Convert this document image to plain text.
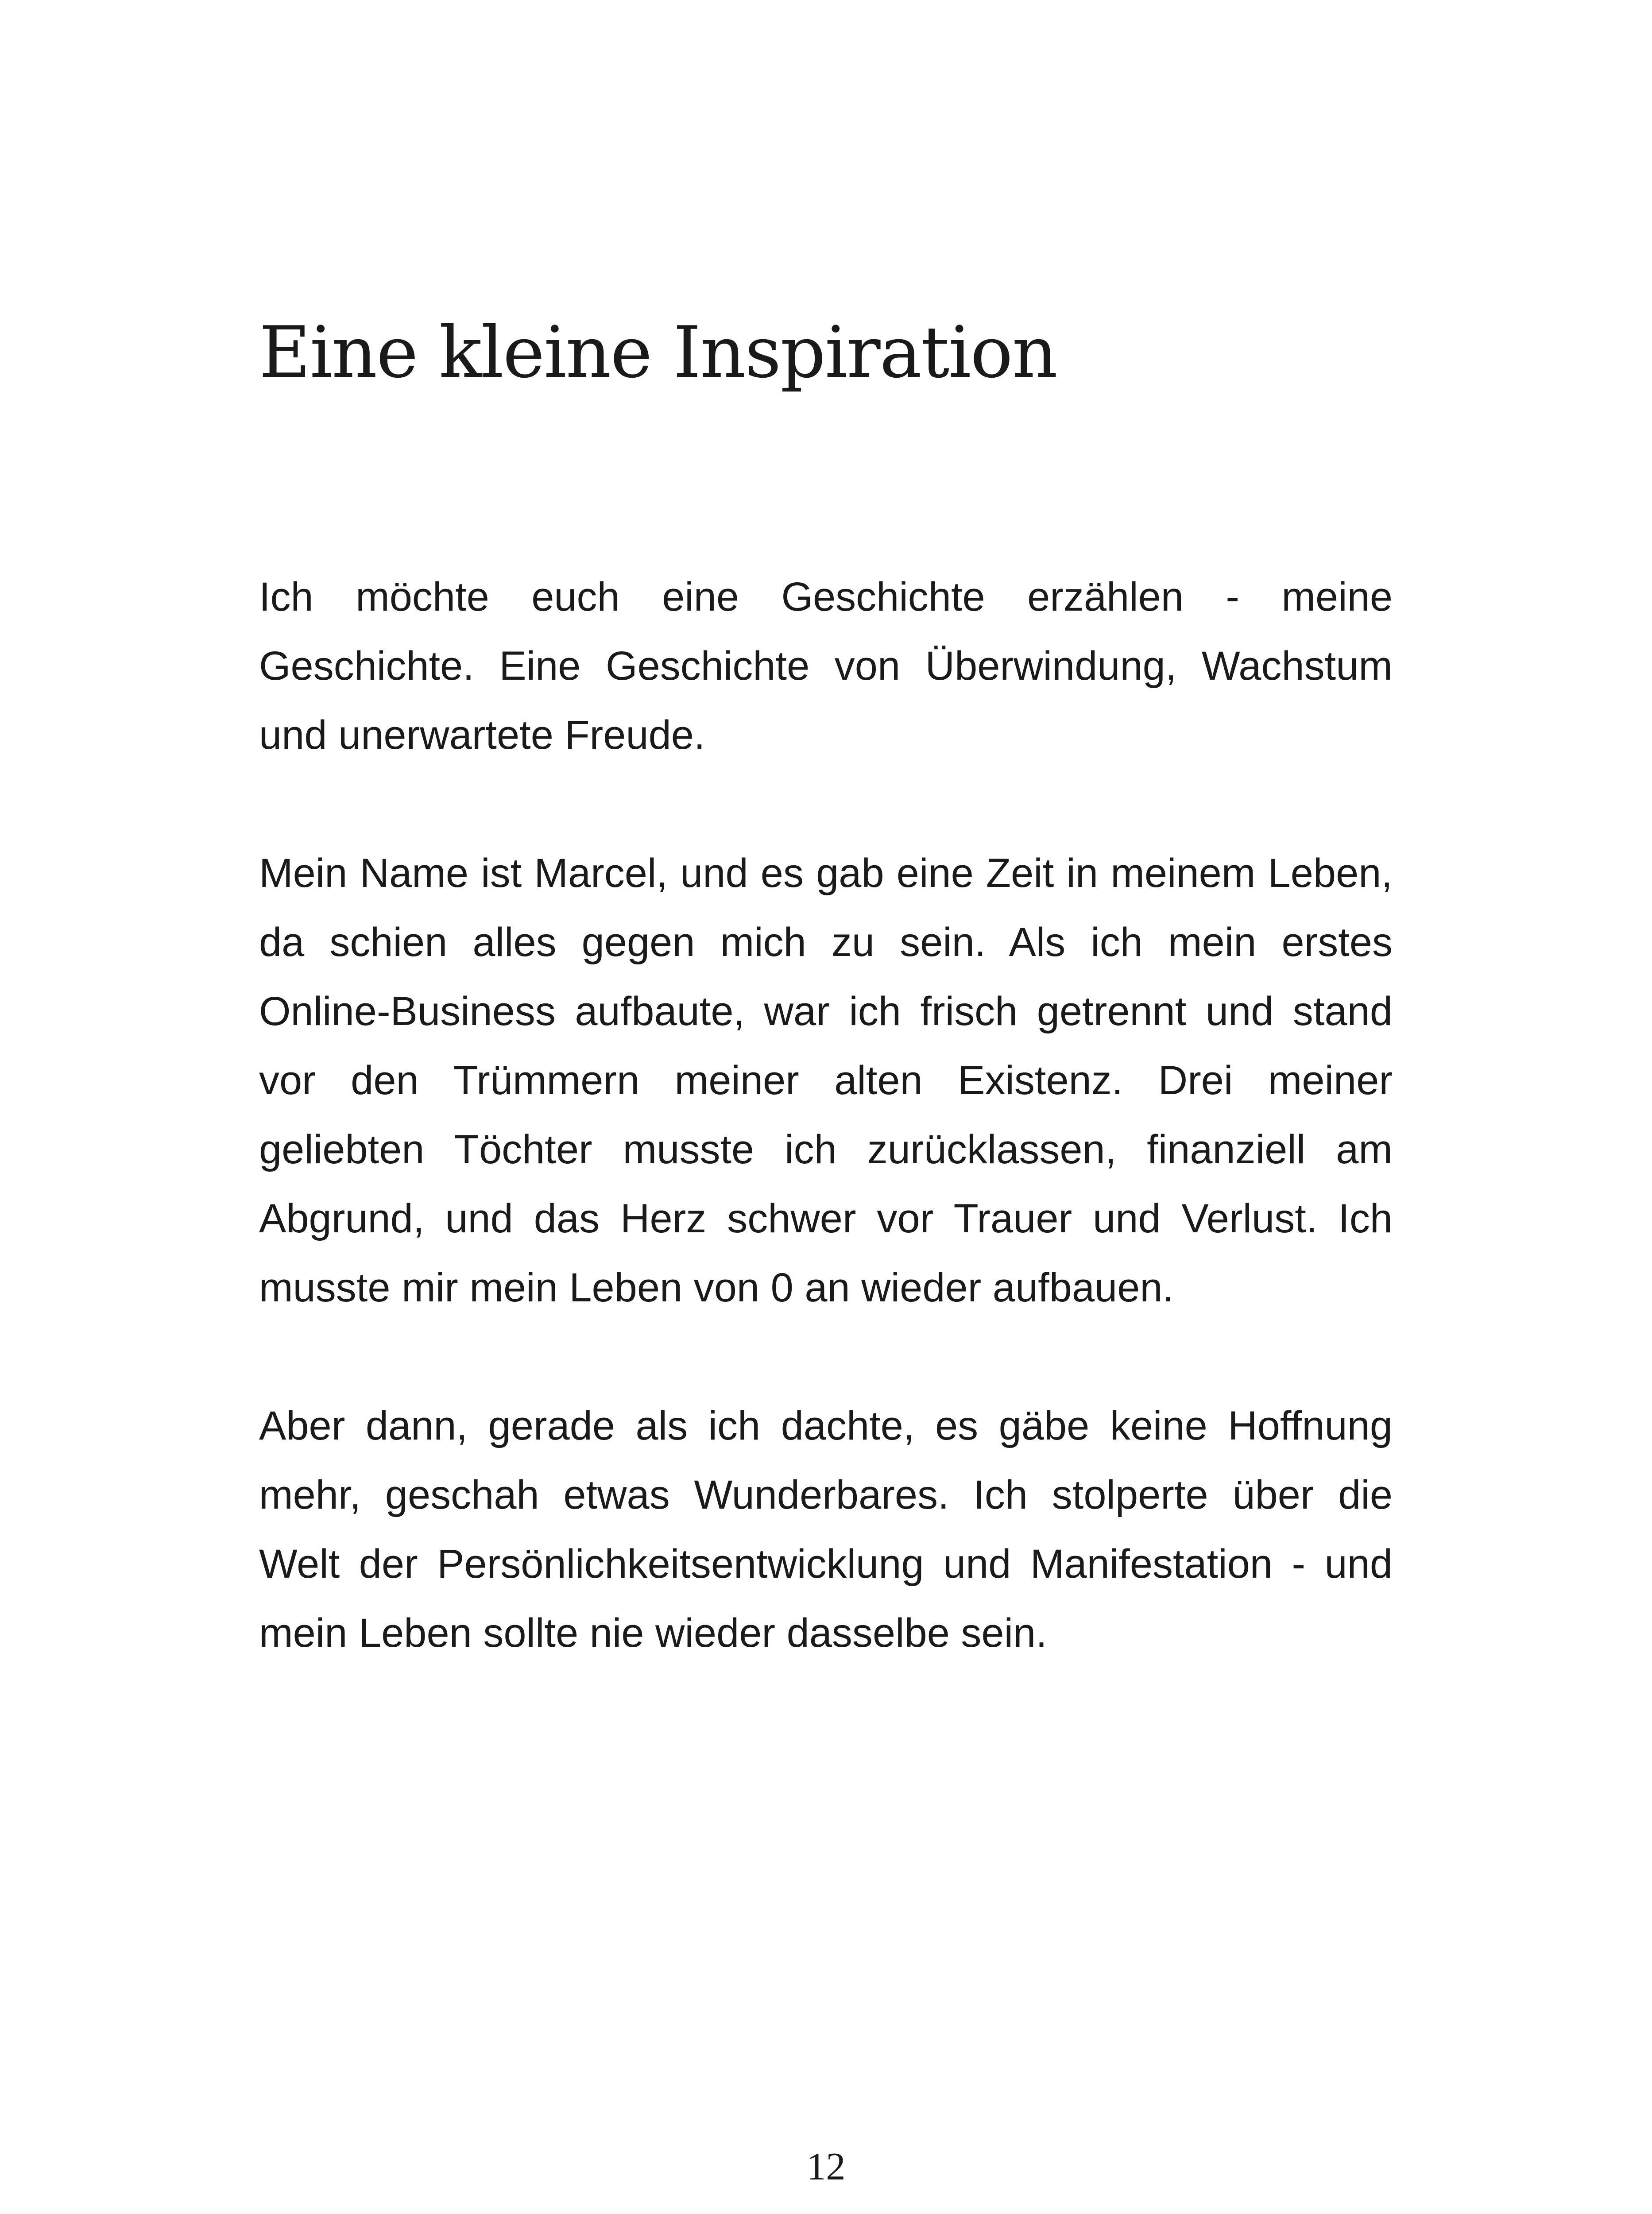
Eine kleine Inspiration

Ich möchte euch eine Geschichte erzählen - meine Geschichte. Eine Geschichte von Überwindung, Wachstum und unerwartete Freude.

Mein Name ist Marcel, und es gab eine Zeit in meinem Leben, da schien alles gegen mich zu sein. Als ich mein erstes Online-Business aufbaute, war ich frisch getrennt und stand vor den Trümmern meiner alten Existenz. Drei meiner geliebten Töchter musste ich zurücklassen, finanziell am Abgrund, und das Herz schwer vor Trauer und Verlust. Ich musste mir mein Leben von 0 an wieder aufbauen.

Aber dann, gerade als ich dachte, es gäbe keine Hoffnung mehr, geschah etwas Wunderbares. Ich stolperte über die Welt der Persönlichkeitsentwicklung und Manifestation - und mein Leben sollte nie wieder dasselbe sein.

12
